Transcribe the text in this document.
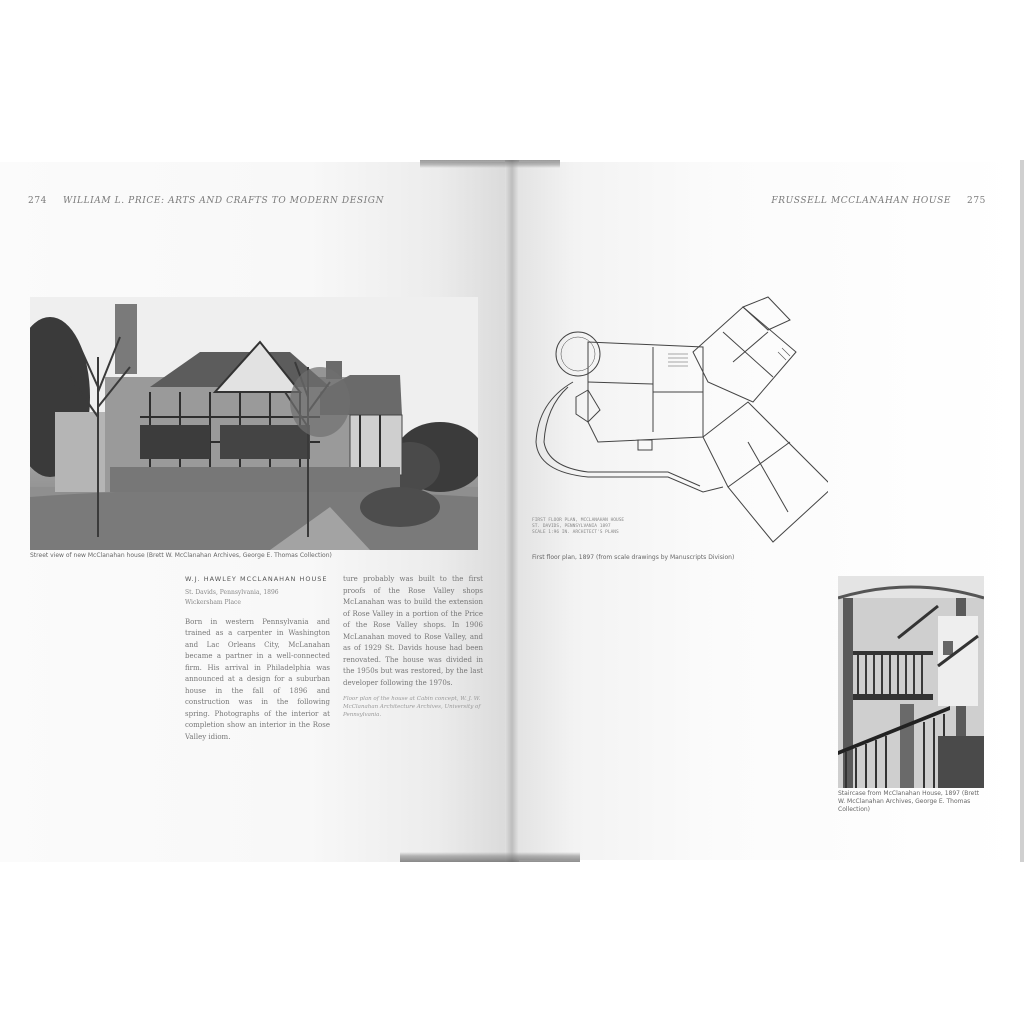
274 WILLIAM L. PRICE: ARTS AND CRAFTS TO MODERN DESIGN
Street view of new McClanahan house (Brett W. McClanahan Archives, George E. Thomas Collection)
W.J. HAWLEY MCCLANAHAN HOUSE
St. Davids, Pennsylvania, 1896
Wickersham Place
Born in western Pennsylvania and trained as a carpenter in Washington and Lac Orleans City, McLanahan became a partner in a well-connected firm. His arrival in Philadelphia was announced at a design for a suburban house in the fall of 1896 and construction was in the following spring. Photographs of the interior at completion show an interior in the Rose Valley idiom.
ture probably was built to the first proofs of the Rose Valley shops McLanahan was to build the extension of Rose Valley in a portion of the Price of the Rose Valley shops. In 1906 McLanahan moved to Rose Valley, and as of 1929 St. Davids house had been renovated. The house was divided in the 1950s but was restored, by the last developer following the 1970s.
Floor plan of the house at Cabin concept, W. J. W. McClanahan Architecture Archives, University of Pennsylvania.
FRUSSELL MCCLANAHAN HOUSE 275
FIRST FLOOR PLAN, MCCLANAHAN HOUSE
ST. DAVIDS, PENNSYLVANIA 1897
SCALE 1:96 IN. ARCHITECT'S PLANS
First floor plan, 1897 (from scale drawings by Manuscripts Division)
Staircase from McClanahan House, 1897 (Brett W. McClanahan Archives, George E. Thomas Collection)
